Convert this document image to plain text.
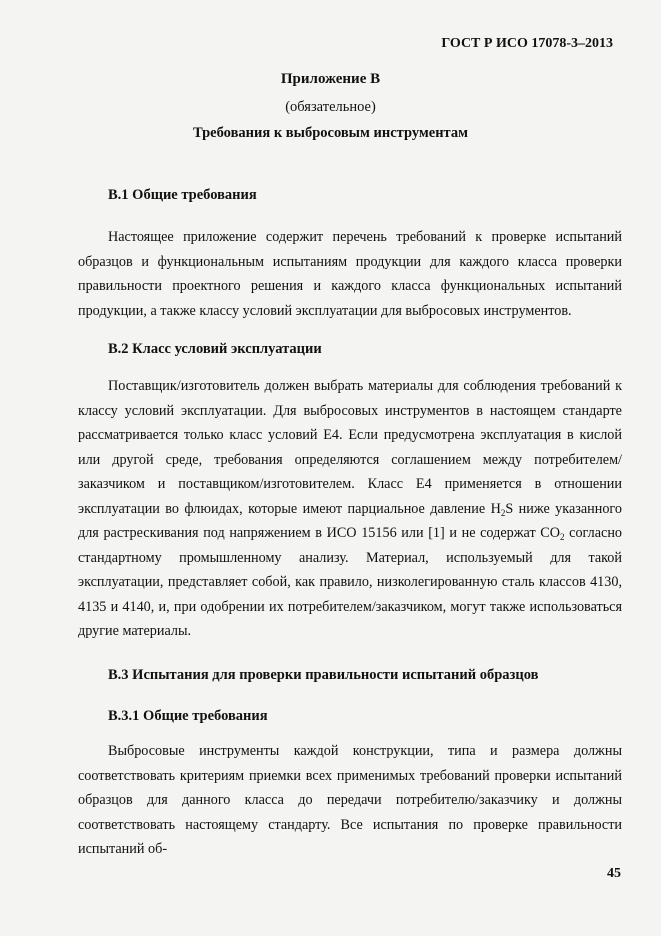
ГОСТ Р ИСО 17078-3–2013
Приложение В
(обязательное)
Требования к выбросовым инструментам
В.1 Общие требования
Настоящее приложение содержит перечень требований к проверке испытаний образцов и функциональным испытаниям продукции для каждого класса проверки правильности проектного решения и каждого класса функциональных испытаний продукции, а также классу условий эксплуатации для выбросовых инструментов.
В.2 Класс условий эксплуатации
Поставщик/изготовитель должен выбрать материалы для соблюдения требований к классу условий эксплуатации. Для выбросовых инструментов в настоящем стандарте рассматривается только класс условий Е4. Если предусмотрена эксплуатация в кислой или другой среде, требования определяются соглашением между потребителем/заказчиком и поставщиком/изготовителем. Класс Е4 применяется в отношении эксплуатации во флюидах, которые имеют парциальное давление $H_2S$ ниже указанного для растрескивания под напряжением в ИСО 15156 или [1] и не содержат $CO_2$ согласно стандартному промышленному анализу. Материал, используемый для такой эксплуатации, представляет собой, как правило, низколегированную сталь классов 4130, 4135 и 4140, и, при одобрении их потребителем/заказчиком, могут также использоваться другие материалы.
В.3 Испытания для проверки правильности испытаний образцов
В.3.1 Общие требования
Выбросовые инструменты каждой конструкции, типа и размера должны соответствовать критериям приемки всех применимых требований проверки испытаний образцов для данного класса до передачи потребителю/заказчику и должны соответствовать настоящему стандарту. Все испытания по проверке правильности испытаний об-
45
